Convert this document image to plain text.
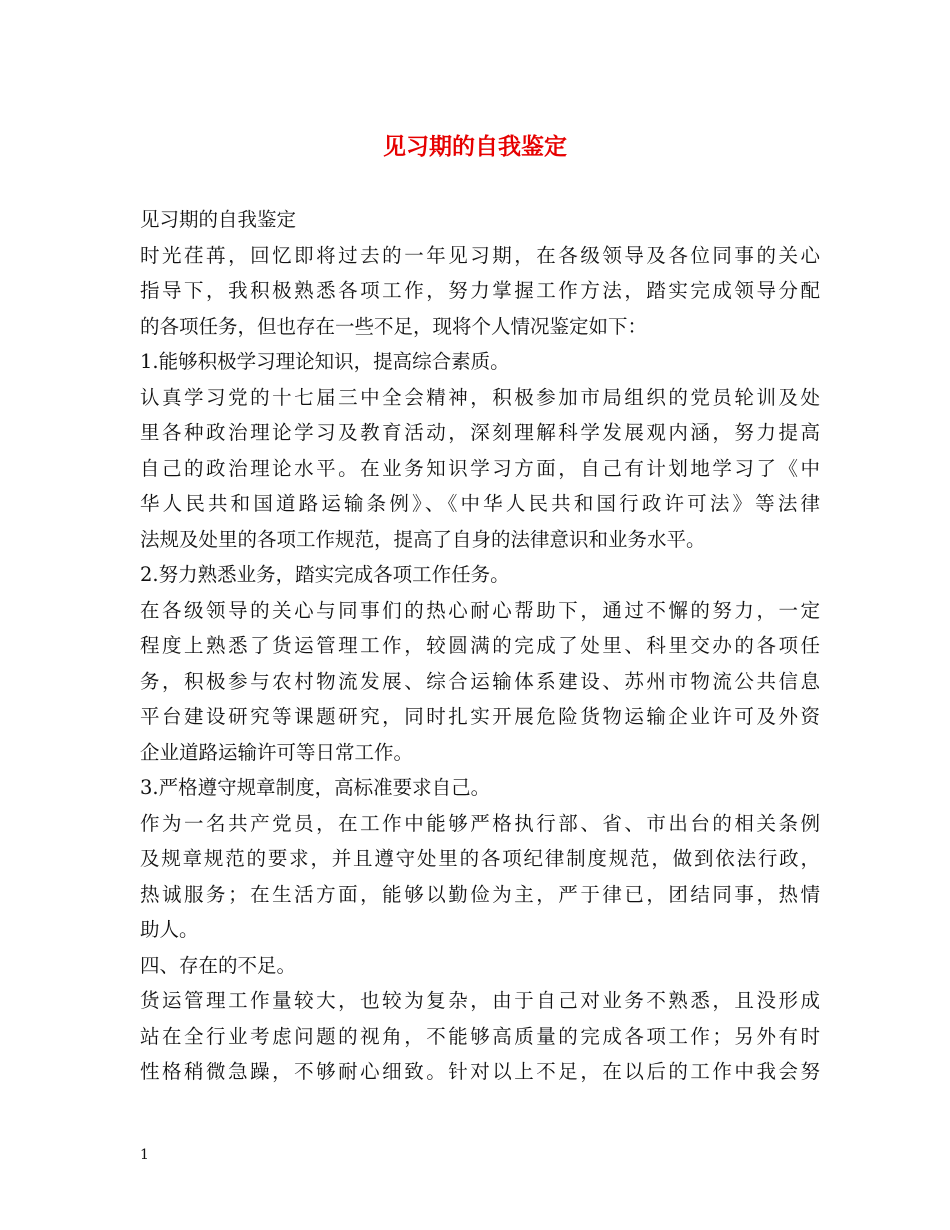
见习期的自我鉴定
见习期的自我鉴定
时光荏苒，回忆即将过去的一年见习期，在各级领导及各位同事的关心
指导下，我积极熟悉各项工作，努力掌握工作方法，踏实完成领导分配
的各项任务，但也存在一些不足，现将个人情况鉴定如下：
1.能够积极学习理论知识，提高综合素质。
认真学习党的十七届三中全会精神，积极参加市局组织的党员轮训及处
里各种政治理论学习及教育活动，深刻理解科学发展观内涵，努力提高
自己的政治理论水平。在业务知识学习方面，自己有计划地学习了《中
华人民共和国道路运输条例》、《中华人民共和国行政许可法》等法律
法规及处里的各项工作规范，提高了自身的法律意识和业务水平。
2.努力熟悉业务，踏实完成各项工作任务。
在各级领导的关心与同事们的热心耐心帮助下，通过不懈的努力，一定
程度上熟悉了货运管理工作，较圆满的完成了处里、科里交办的各项任
务，积极参与农村物流发展、综合运输体系建设、苏州市物流公共信息
平台建设研究等课题研究，同时扎实开展危险货物运输企业许可及外资
企业道路运输许可等日常工作。
3.严格遵守规章制度，高标准要求自己。
作为一名共产党员，在工作中能够严格执行部、省、市出台的相关条例
及规章规范的要求，并且遵守处里的各项纪律制度规范，做到依法行政，
热诚服务；在生活方面，能够以勤俭为主，严于律已，团结同事，热情
助人。
四、存在的不足。
货运管理工作量较大，也较为复杂，由于自己对业务不熟悉，且没形成
站在全行业考虑问题的视角，不能够高质量的完成各项工作；另外有时
性格稍微急躁，不够耐心细致。针对以上不足，在以后的工作中我会努
1
